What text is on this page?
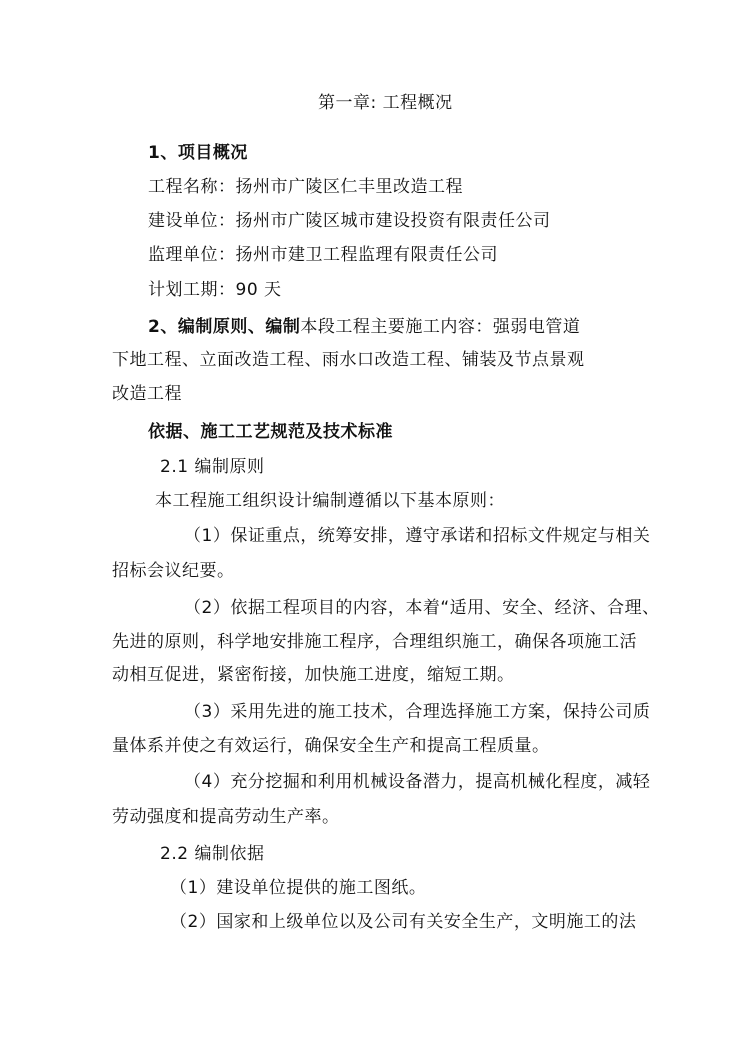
第一章: 工程概况
1、项目概况
工程名称：扬州市广陵区仁丰里改造工程
建设单位：扬州市广陵区城市建设投资有限责任公司
监理单位：扬州市建卫工程监理有限责任公司
计划工期：90 天
2、编制原则、编制本段工程主要施工内容：强弱电管道
下地工程、立面改造工程、雨水口改造工程、铺装及节点景观
改造工程
依据、施工工艺规范及技术标准
2.1 编制原则
本工程施工组织设计编制遵循以下基本原则：
（1）保证重点，统筹安排，遵守承诺和招标文件规定与相关
招标会议纪要。
（2）依据工程项目的内容，本着“适用、安全、经济、合理、
先进的原则，科学地安排施工程序，合理组织施工，确保各项施工活
动相互促进，紧密衔接，加快施工进度，缩短工期。
（3）采用先进的施工技术，合理选择施工方案，保持公司质
量体系并使之有效运行，确保安全生产和提高工程质量。
（4）充分挖掘和利用机械设备潜力，提高机械化程度，减轻
劳动强度和提高劳动生产率。
2.2 编制依据
（1）建设单位提供的施工图纸。
（2）国家和上级单位以及公司有关安全生产，文明施工的法
